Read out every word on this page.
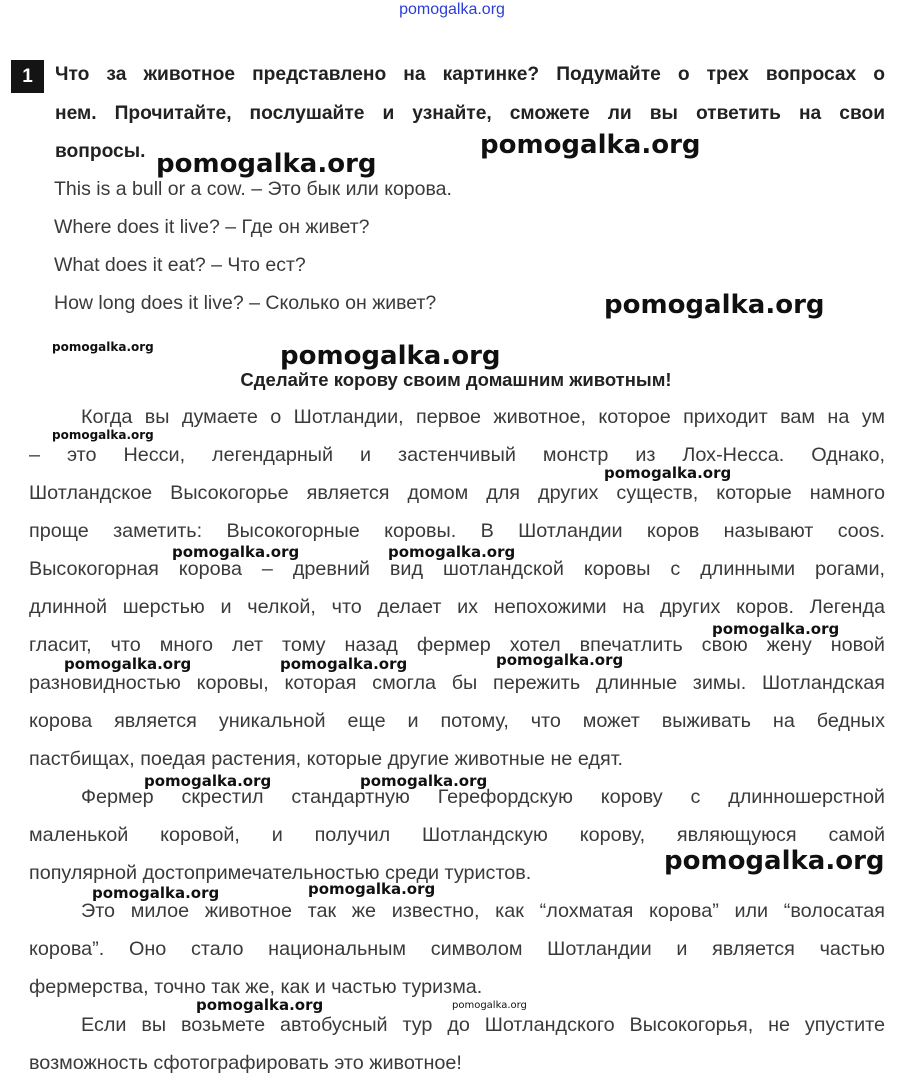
pomogalka.org
1	Что за животное представлено на картинке? Подумайте о трех вопросах о
нем. Прочитайте, послушайте и узнайте, сможете ли вы ответить на свои
вопросы.
This is a bull or a cow. – Это бык или корова.
Where does it live? – Где он живет?
What does it eat? – Что ест?
How long does it live? – Сколько он живет?
Сделайте корову своим домашним животным!
Когда вы думаете о Шотландии, первое животное, которое приходит вам на ум
– это Несси, легендарный и застенчивый монстр из Лох-Несса. Однако,
Шотландское Высокогорье является домом для других существ, которые намного
проще заметить: Высокогорные коровы. В Шотландии коров называют coos.
Высокогорная корова – древний вид шотландской коровы с длинными рогами,
длинной шерстью и челкой, что делает их непохожими на других коров. Легенда
гласит, что много лет тому назад фермер хотел впечатлить свою жену новой
разновидностью коровы, которая смогла бы пережить длинные зимы. Шотландская
корова является уникальной еще и потому, что может выживать на бедных
пастбищах, поедая растения, которые другие животные не едят.
Фермер скрестил стандартную Герефордскую корову с длинношерстной
маленькой коровой, и получил Шотландскую корову, являющуюся самой
популярной достопримечательностью среди туристов.
Это милое животное так же известно, как “лохматая корова” или “волосатая
корова”. Оно стало национальным символом Шотландии и является частью
фермерства, точно так же, как и частью туризма.
Если вы возьмете автобусный тур до Шотландского Высокогорья, не упустите
возможность сфотографировать это животное!
pomogalka.org
pomogalka.org
pomogalka.org
pomogalka.org	pomogalka.org
pomogalka.org
pomogalka.org
pomogalka.org	pomogalka.org
pomogalka.org
pomogalka.org
pomogalka.org	pomogalka.org
pomogalka.org	pomogalka.org
pomogalka.org
pomogalka.org
pomogalka.org
pomogalka.org	pomogalka.org
